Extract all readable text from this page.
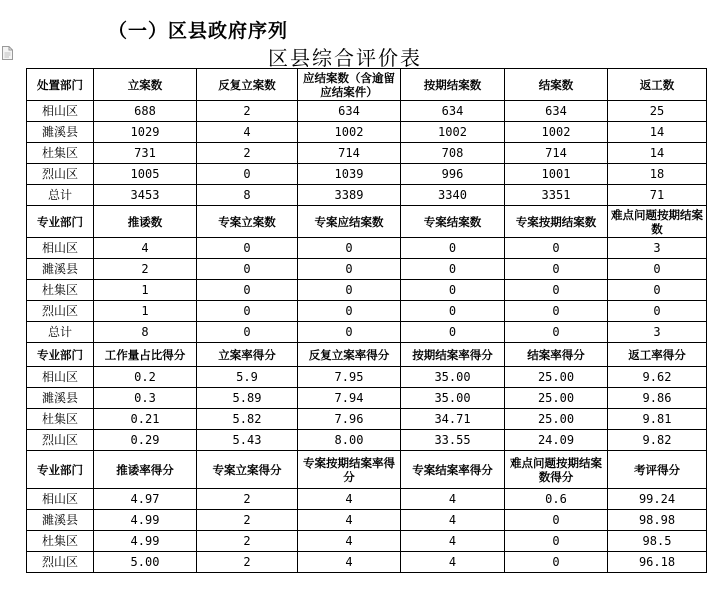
（一）区县政府序列
区县综合评价表
处置部门	立案数	反复立案数	应结案数（含逾留应结案件）	按期结案数	结案数	返工数
相山区	688	2	634	634	634	25
濉溪县	1029	4	1002	1002	1002	14
杜集区	731	2	714	708	714	14
烈山区	1005	0	1039	996	1001	18
总计	3453	8	3389	3340	3351	71
专业部门	推诿数	专案立案数	专案应结案数	专案结案数	专案按期结案数	难点问题按期结案数
相山区	4	0	0	0	0	3
濉溪县	2	0	0	0	0	0
杜集区	1	0	0	0	0	0
烈山区	1	0	0	0	0	0
总计	8	0	0	0	0	3
专业部门	工作量占比得分	立案率得分	反复立案率得分	按期结案率得分	结案率得分	返工率得分
相山区	0.2	5.9	7.95	35.00	25.00	9.62
濉溪县	0.3	5.89	7.94	35.00	25.00	9.86
杜集区	0.21	5.82	7.96	34.71	25.00	9.81
烈山区	0.29	5.43	8.00	33.55	24.09	9.82
专业部门	推诿率得分	专案立案得分	专案按期结案率得分	专案结案率得分	难点问题按期结案数得分	考评得分
相山区	4.97	2	4	4	0.6	99.24
濉溪县	4.99	2	4	4	0	98.98
杜集区	4.99	2	4	4	0	98.5
烈山区	5.00	2	4	4	0	96.18
